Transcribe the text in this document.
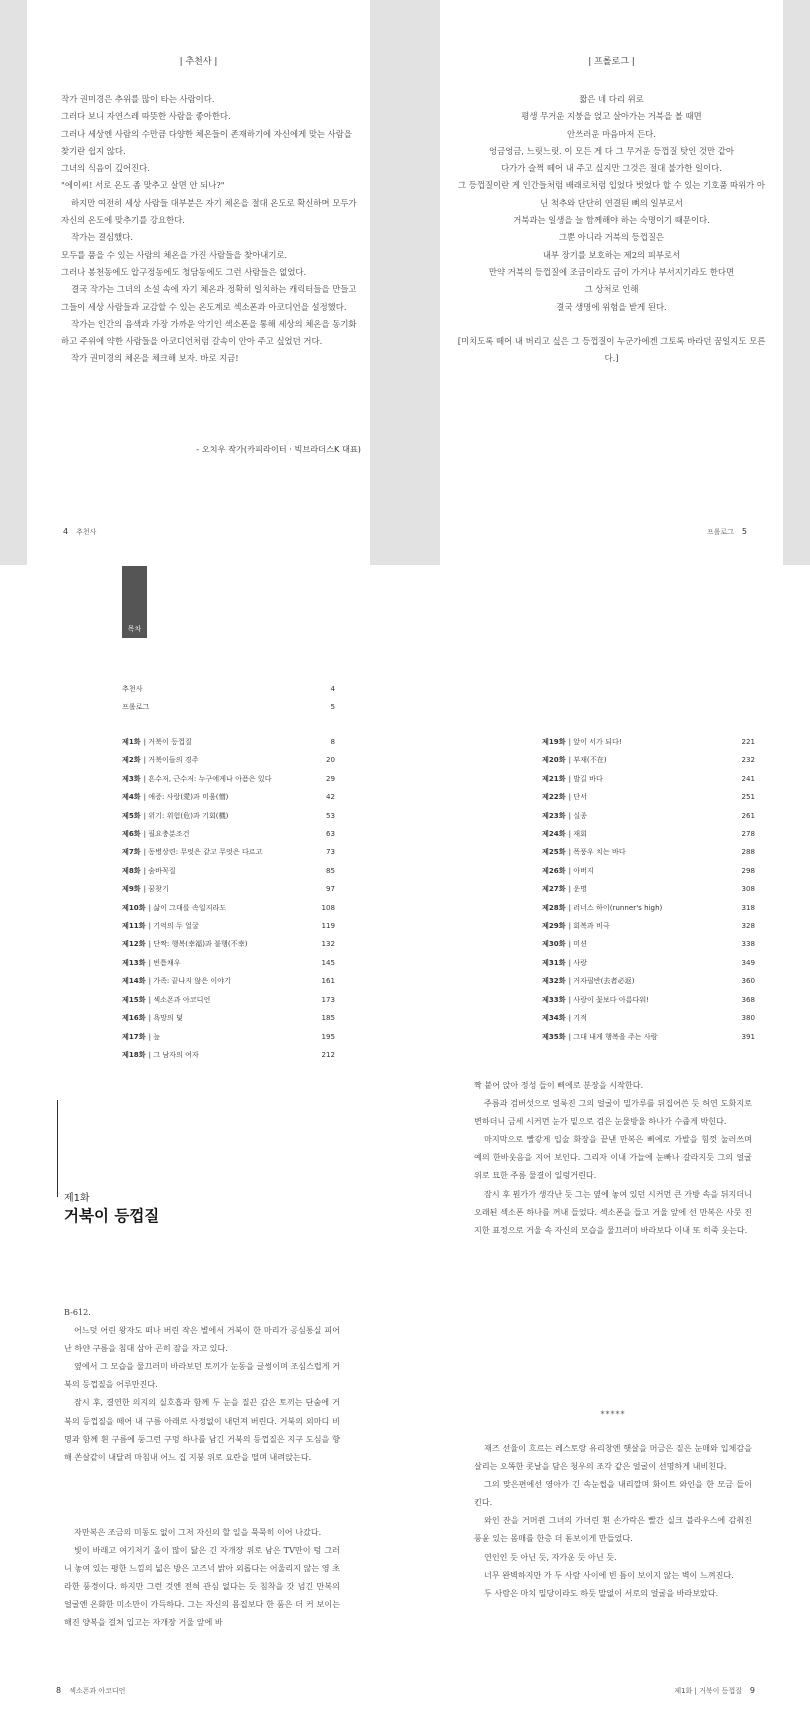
| 추천사 |

작가 권미경은 추위를 많이 타는 사람이다.

그러다 보니 자연스레 따뜻한 사람을 좋아한다.

그러나 세상엔 사람의 수만큼 다양한 체온들이 존재하기에 자신에게 맞는 사람을 찾기란 쉽지 않다.

그녀의 식음이 깊어진다.

"에이씨! 서로 온도 좀 맞추고 살면 안 되나?"

하지만 여전히 세상 사람들 대부분은 자기 체온을 절대 온도로 확신하며 모두가 자신의 온도에 맞추기를 강요한다.

작가는 결심했다.

모두를 품을 수 있는 사람의 체온을 가진 사람들을 찾아내기로.

그러나 봉천동에도 압구정동에도 청담동에도 그런 사람들은 없었다.

결국 작가는 그녀의 소설 속에 자기 체온과 정확히 일치하는 캐릭터들을 만들고

그들이 세상 사람들과 교감할 수 있는 온도계로 섹소폰과 아코디언을 설정했다.

작가는 인간의 음색과 가장 가까운 악기인 섹소폰을 통해 세상의 체온을 동기화하고 주위에 약한 사람들을 아코디언처럼 갈속이 안아 주고 싶었던 거다.

작가 권미경의 체온을 체크해 보자. 바로 지금!

- 오치우 작가(카피라이터 · 빅브라더스K 대표)
4 추천사
| 프롤로그 |

짧은 네 다리 위로

평생 무거운 지붕을 얹고 살아가는 거북을 볼 때면

안쓰러운 마음마저 든다.

엉금엉금, 느릿느릿. 이 모든 게 다 그 무거운 등껍질 탓인 것만 같아

다가가 슬쩍 떼어 내 주고 싶지만 그것은 절대 불가한 일이다.

그 등껍질이란 게 인간들처럼 배래로처럼 입었다 벗었다 할 수 있는 기호품 따위가 아닌 척추와 단단히 연결된 뼈의 일부로서

거북과는 일생을 늘 함께해야 하는 숙명이기 때문이다.

그뿐 아니라 거북의 등껍질은

내부 장기를 보호하는 제2의 피부로서

만약 거북의 등껍질에 조금이라도 금이 가거나 부서지기라도 한다면

그 상처로 인해

결국 생명에 위험을 받게 된다.

[미치도록 떼어 내 버리고 싶은 그 등껍질이 누군가에겐 그토록 바라던 꿈일지도 모른다.]

프롤로그 5
목차
추천사	4
프롤로그	5
제1화 | 거북이 등껍질	8
제2화 | 거북이들의 경주	20
제3화 | 흔수저, 근수저: 누구에게나 아픔은 있다	29
제4화 | 애증: 사랑(愛)과 미움(憎)	42
제5화 | 위기: 위험(危)과 기회(機)	53
제6화 | 필요충분조건	63
제7화 | 동병상련: 무엇은 같고 무엇은 다르고	73
제8화 | 숨바꼭질	85
제9화 | 꿈찾기	97
제10화 | 삶이 그대를 속일지라도	108
제11화 | 기억의 두 얼굴	119
제12화 | 단짝: 행복(幸福)과 불행(不幸)	132
제13화 | 빈틈채우	145
제14화 | 가족: 끝나지 않은 이야기	161
제15화 | 섹소폰과 아코디언	173
제16화 | 욕망의 덫	185
제17화 | 늪	195
제18화 | 그 남자의 여자	212
제19화 | 앞이 서가 되다!	221
제20화 | 부재(不在)	232
제21화 | 발길 바다	241
제22화 | 단서	251
제23화 | 실종	261
제24화 | 재회	278
제25화 | 폭풍우 치는 바다	288
제26화 | 아버지	298
제27화 | 운명	308
제28화 | 러너스 하이(runner's high)	318
제29화 | 회복과 비극	328
제30화 | 미션	338
제31화 | 사랑	349
제32화 | 거자필반(去者必返)	360
제33화 | 사랑이 꽃보다 아름다워!	368
제34화 | 기적	380
제35화 | 그대 내게 행복을 주는 사람	391
제1화
거북이 등껍질

B-612.

어느덧 어린 왕자도 떠나 버린 작은 별에서 거북이 한 마리가 공심통실 피어난 하얀 구름을 침대 삼아 곤히 잠을 자고 있다.

옆에서 그 모습을 물끄러미 바라보던 토끼가 눈동을 글썽이며 조심스럽게 거북의 등껍질을 어루만진다.

잠시 후, 결연한 의지의 실호흡과 함께 두 눈을 질끈 감은 토끼는 단숨에 거북의 등껍질을 떼어 내 구름 아래로 사정없이 내던져 버린다. 거북의 외마디 비명과 함께 흰 구름에 둥그런 구멍 하나를 남긴 거북의 등껍질은 지구 도심을 향해 쏜살같이 내달려 마침내 어느 집 지붕 위로 요란을 떨며 내려앉는다.

자만복은 조금의 미동도 없이 그저 자신의 할 일을 묵묵히 이어 나갔다.

빛이 바래고 여기저기 올이 많이 닳은 긴 자개장 위로 남은 TV만이 텅 그러니 놓여 있는 평한 느낌의 넓은 방은 고즈넉 밝아 외롭다는 어울리지 않는 영 초라한 풍경이다. 하지만 그런 것엔 전혀 관심 없다는 듯 침착을 갓 넘긴 만복의 얼굴엔 온화한 미소만이 가득하다. 그는 자신의 몸집보다 한 품은 더 커 보이는 해진 양복을 걸쳐 입고는 자개장 거울 앞에 바

8 섹소폰과 아코디언

짝 붙어 앉아 정성 들이 삐에로 분장을 시작한다.

주름과 검버섯으로 얼룩진 그의 얼굴이 밀가루를 뒤집어쓴 듯 허연 도화지로 변하더니 금세 시커먼 눈가 밑으로 검은 눈물방울 하나가 수줍게 박힌다.

마지막으로 빨갛게 입술 화장을 끝낸 만복은 삐에로 가발을 힘껏 눌러쓰며 예의 한바웃음을 지어 보인다. 그리자 이내 가늘에 눈빠나 갈라지듯 그의 얼굴 위로 묘한 주름 물결이 일렁거린다.

잠시 후 뭔가가 생각난 듯 그는 옆에 놓여 있던 시커먼 큰 가방 속을 뒤지더니 오래된 섹소폰 하나를 꺼내 들었다. 섹소폰을 들고 거울 앞에 선 만복은 사뭇 진지한 표정으로 거울 속 자신의 모습을 물끄러미 바라보다 이내 또 히죽 웃는다.

*****

재즈 선율이 흐르는 레스토랑 유리창엔 햇살을 머금은 짙은 눈매와 입체감을 살리는 오똑한 콧날을 담은 청우의 조각 같은 얼굴이 선명하게 내비친다.

그의 맞은편에선 영아가 긴 속눈썹을 내리깔며 화이트 와인을 한 모금 들이킨다.

와인 잔을 거머쥔 그녀의 가녀린 흰 손가락은 빨간 실크 블라우스에 감춰진 풍윤 있는 몸매를 한층 더 돋보이게 만들었다.

연인인 듯 아닌 듯, 자가운 듯 아닌 듯.

너무 완벽하지만 가 두 사람 사이에 빈 틈이 보이지 않는 벽이 느껴진다.

두 사람은 마치 밀당이라도 하듯 말없이 서로의 얼굴을 바라보았다.

제1화 | 거북이 등껍질 9
